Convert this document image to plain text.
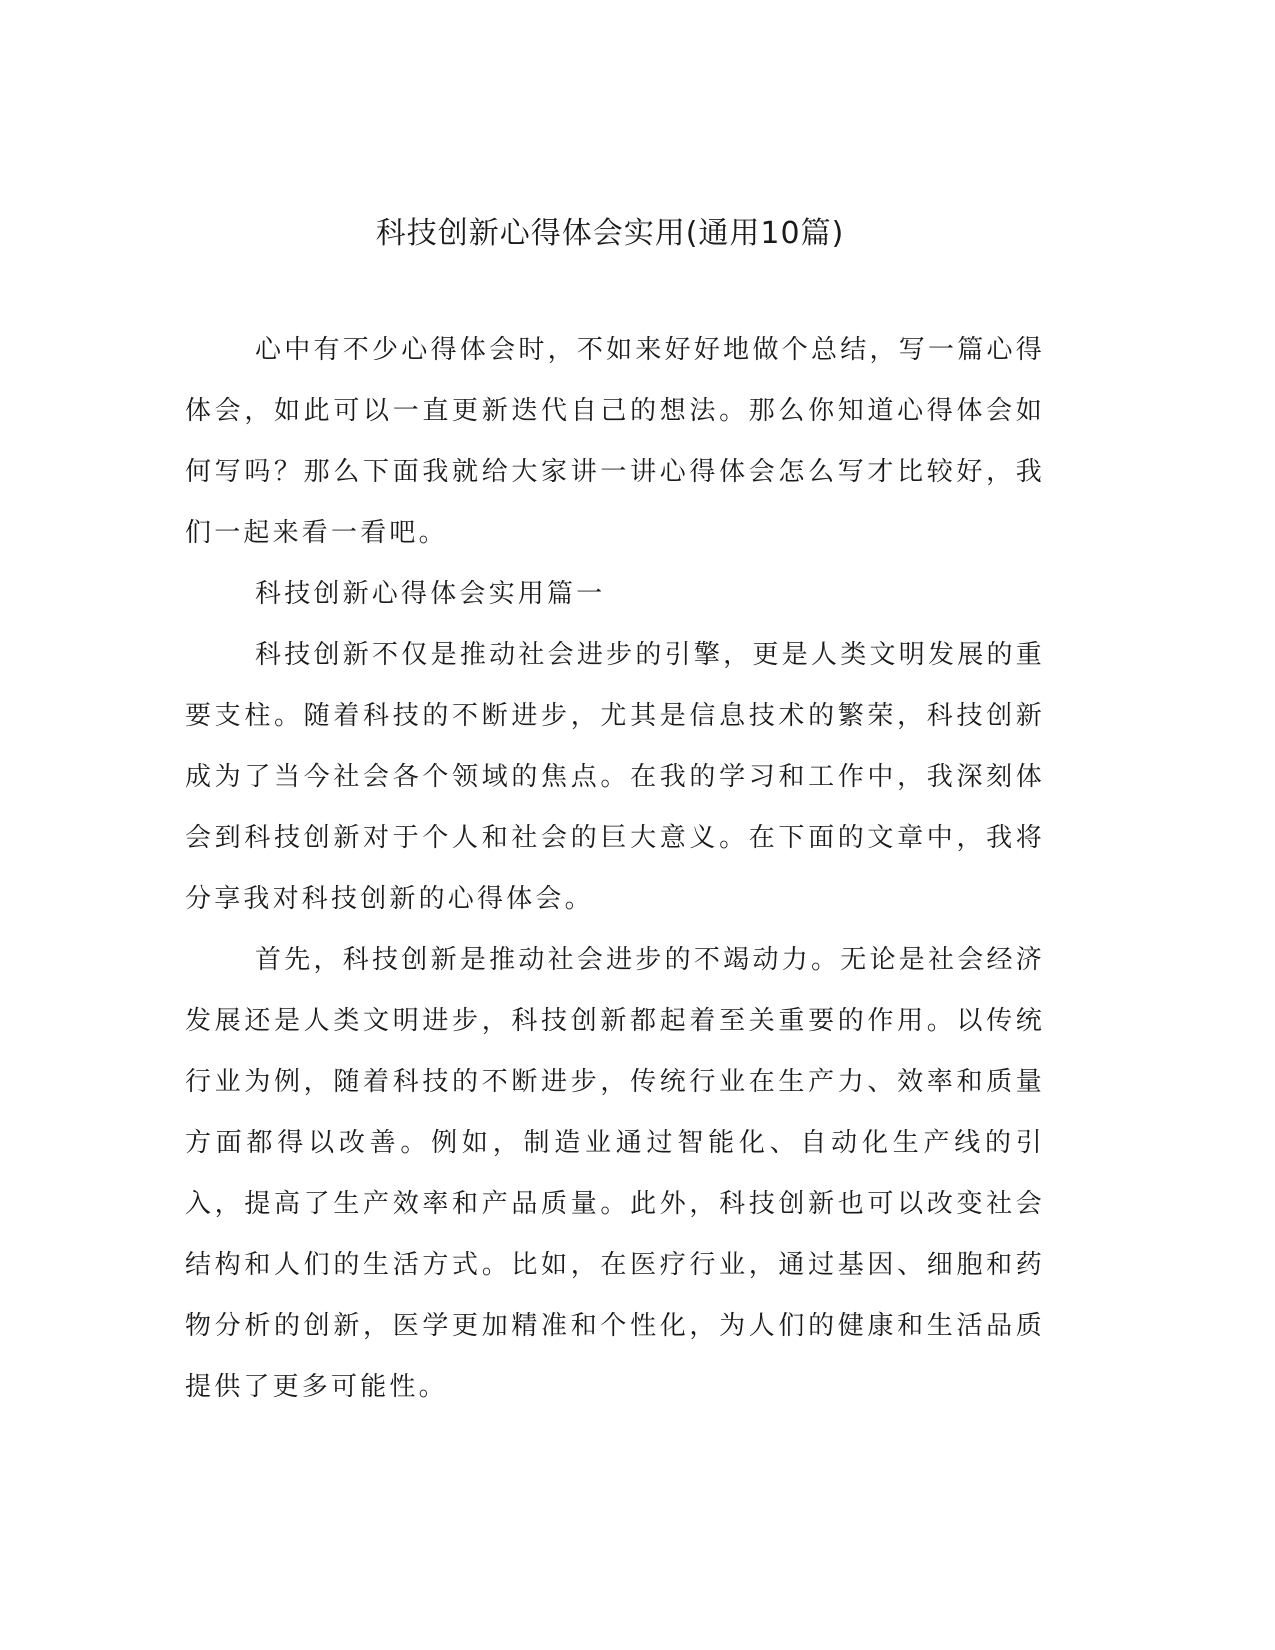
科技创新心得体会实用(通用10篇)

心中有不少心得体会时，不如来好好地做个总结，写一篇心得体会，如此可以一直更新迭代自己的想法。那么你知道心得体会如何写吗？那么下面我就给大家讲一讲心得体会怎么写才比较好，我们一起来看一看吧。

科技创新心得体会实用篇一

科技创新不仅是推动社会进步的引擎，更是人类文明发展的重要支柱。随着科技的不断进步，尤其是信息技术的繁荣，科技创新成为了当今社会各个领域的焦点。在我的学习和工作中，我深刻体会到科技创新对于个人和社会的巨大意义。在下面的文章中，我将分享我对科技创新的心得体会。

首先，科技创新是推动社会进步的不竭动力。无论是社会经济发展还是人类文明进步，科技创新都起着至关重要的作用。以传统行业为例，随着科技的不断进步，传统行业在生产力、效率和质量方面都得以改善。例如，制造业通过智能化、自动化生产线的引入，提高了生产效率和产品质量。此外，科技创新也可以改变社会结构和人们的生活方式。比如，在医疗行业，通过基因、细胞和药物分析的创新，医学更加精准和个性化，为人们的健康和生活品质提供了更多可能性。
